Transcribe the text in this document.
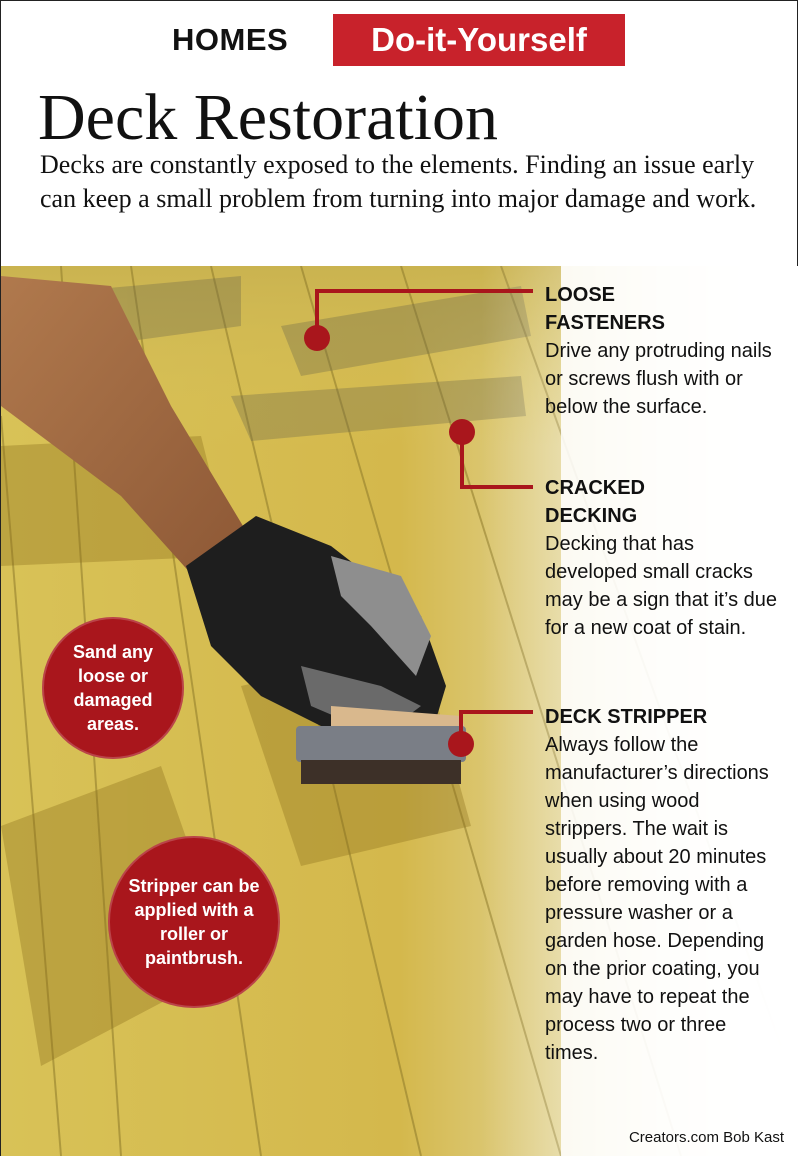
HOMES	Do-it-Yourself
Deck Restoration
Decks are constantly exposed to the elements. Finding an issue early can keep a small problem from turning into major damage and work.
LOOSE
FASTENERS
Drive any protruding nails or screws flush with or below the surface.
CRACKED
DECKING
Decking that has developed small cracks may be a sign that it’s due for a new coat of stain.
DECK STRIPPER
Always follow the manufacturer’s directions when using wood strippers. The wait is usually about 20 minutes before removing with a pressure washer or a garden hose. Depending on the prior coating, you may have to repeat the process two or three times.
Sand any loose or damaged areas.
Stripper can be applied with a roller or paintbrush.
Creators.com Bob Kast
